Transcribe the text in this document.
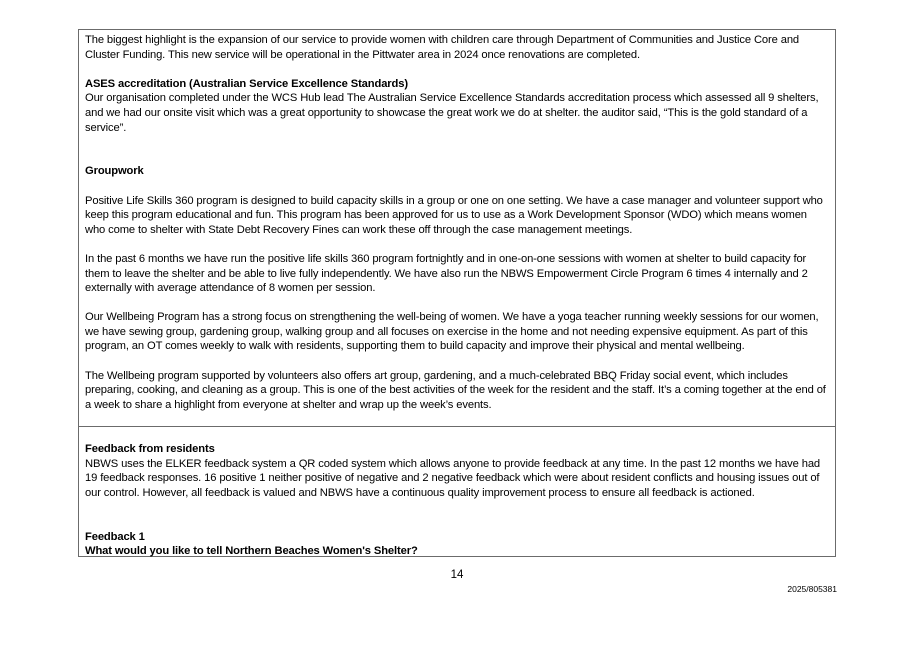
The biggest highlight is the expansion of our service to provide women with children care through Department of Communities and Justice Core and Cluster Funding. This new service will be operational in the Pittwater area in 2024 once renovations are completed.

ASES accreditation (Australian Service Excellence Standards)

Our organisation completed under the WCS Hub lead The Australian Service Excellence Standards accreditation process which assessed all 9 shelters, and we had our onsite visit which was a great opportunity to showcase the great work we do at shelter. the auditor said, “This is the gold standard of a service”.

Groupwork

Positive Life Skills 360 program is designed to build capacity skills in a group or one on one setting. We have a case manager and volunteer support who keep this program educational and fun. This program has been approved for us to use as a Work Development Sponsor (WDO) which means women who come to shelter with State Debt Recovery Fines can work these off through the case management meetings.

In the past 6 months we have run the positive life skills 360 program fortnightly and in one-on-one sessions with women at shelter to build capacity for them to leave the shelter and be able to live fully independently. We have also run the NBWS Empowerment Circle Program 6 times 4 internally and 2 externally with average attendance of 8 women per session.

Our Wellbeing Program has a strong focus on strengthening the well-being of women. We have a yoga teacher running weekly sessions for our women, we have sewing group, gardening group, walking group and all focuses on exercise in the home and not needing expensive equipment. As part of this program, an OT comes weekly to walk with residents, supporting them to build capacity and improve their physical and mental wellbeing.

The Wellbeing program supported by volunteers also offers art group, gardening, and a much-celebrated BBQ Friday social event, which includes preparing, cooking, and cleaning as a group. This is one of the best activities of the week for the resident and the staff. It’s a coming together at the end of a week to share a highlight from everyone at shelter and wrap up the week’s events.

Feedback from residents

NBWS uses the ELKER feedback system a QR coded system which allows anyone to provide feedback at any time. In the past 12 months we have had 19 feedback responses. 16 positive 1 neither positive of negative and 2 negative feedback which were about resident conflicts and housing issues out of our control. However, all feedback is valued and NBWS have a continuous quality improvement process to ensure all feedback is actioned.

Feedback 1

What would you like to tell Northern Beaches Women's Shelter?

14
2025/805381
